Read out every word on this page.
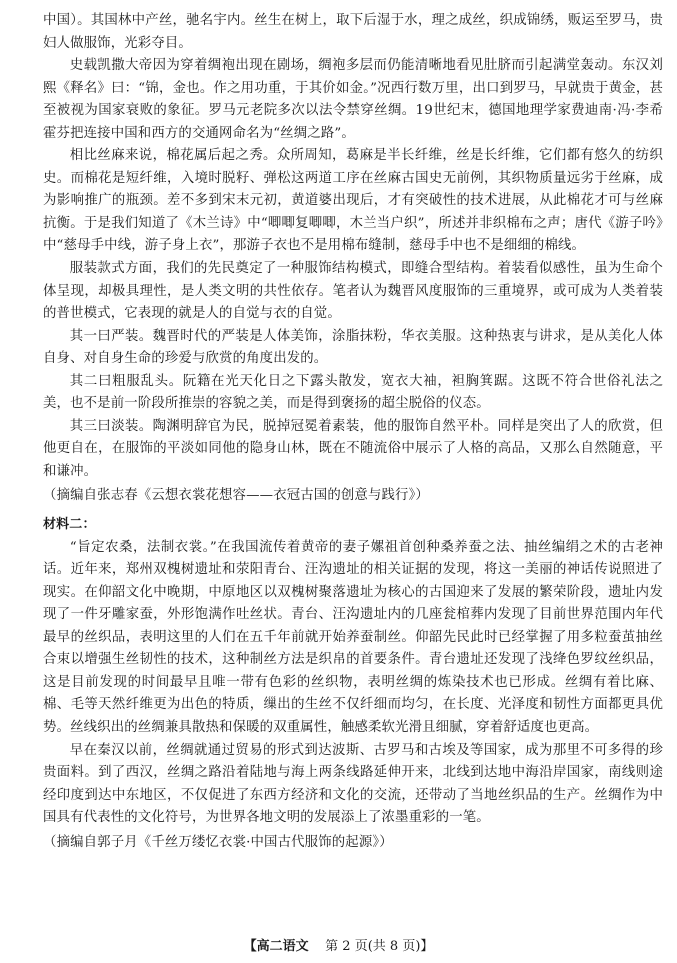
中国）。其国林中产丝，驰名宇内。丝生在树上，取下后湿于水，理之成丝，织成锦绣，贩运至罗马，贵妇人做服饰，光彩夺目。

史载凯撒大帝因为穿着绸袍出现在剧场，绸袍多层而仍能清晰地看见肚脐而引起满堂轰动。东汉刘熙《释名》曰：“锦，金也。作之用功重，于其价如金。”况西行数万里，出口到罗马，早就贵于黄金，甚至被视为国家衰败的象征。罗马元老院多次以法令禁穿丝绸。19世纪末，德国地理学家费迪南·冯·李希霍芬把连接中国和西方的交通网命名为“丝绸之路”。

相比丝麻来说，棉花属后起之秀。众所周知，葛麻是半长纤维，丝是长纤维，它们都有悠久的纺织史。而棉花是短纤维，入境时脱籽、弹松这两道工序在丝麻古国史无前例，其织物质量远劣于丝麻，成为影响推广的瓶颈。差不多到宋末元初，黄道婆出现后，才有突破性的技术进展，从此棉花才可与丝麻抗衡。于是我们知道了《木兰诗》中“唧唧复唧唧，木兰当户织”，所述并非织棉布之声；唐代《游子吟》中“慈母手中线，游子身上衣”，那游子衣也不是用棉布缝制，慈母手中也不是细细的棉线。

服装款式方面，我们的先民奠定了一种服饰结构模式，即缝合型结构。着装看似感性，虽为生命个体呈现，却极具理性，是人类文明的共性依存。笔者认为魏晋风度服饰的三重境界，或可成为人类着装的普世模式，它表现的就是人的自觉与衣的自觉。

其一曰严装。魏晋时代的严装是人体美饰，涂脂抹粉，华衣美服。这种热衷与讲求，是从美化人体自身、对自身生命的珍爱与欣赏的角度出发的。

其二曰粗服乱头。阮籍在光天化日之下露头散发，宽衣大袖，袒胸箕踞。这既不符合世俗礼法之美，也不是前一阶段所推崇的容貌之美，而是得到褒扬的超尘脱俗的仪态。

其三曰淡装。陶渊明辞官为民，脱掉冠冕着素装，他的服饰自然平朴。同样是突出了人的欣赏，但他更自在，在服饰的平淡如同他的隐身山林，既在不随流俗中展示了人格的高品，又那么自然随意，平和谦冲。

（摘编自张志春《云想衣裳花想容——衣冠古国的创意与践行》）

材料二：

“旨定农桑，法制衣裳。”在我国流传着黄帝的妻子嫘祖首创种桑养蚕之法、抽丝编绢之术的古老神话。近年来，郑州双槐树遗址和荥阳青台、汪沟遗址的相关证据的发现，将这一美丽的神话传说照进了现实。在仰韶文化中晚期，中原地区以双槐树聚落遗址为核心的古国迎来了发展的繁荣阶段，遗址内发现了一件牙雕家蚕，外形饱满作吐丝状。青台、汪沟遗址内的几座瓮棺葬内发现了目前世界范围内年代最早的丝织品，表明这里的人们在五千年前就开始养蚕制丝。仰韶先民此时已经掌握了用多粒蚕茧抽丝合束以增强生丝韧性的技术，这种制丝方法是织帛的首要条件。青台遗址还发现了浅绛色罗纹丝织品，这是目前发现的时间最早且唯一带有色彩的丝织物，表明丝绸的炼染技术也已形成。丝绸有着比麻、棉、毛等天然纤维更为出色的特质，缫出的生丝不仅纤细而均匀，在长度、光泽度和韧性方面都更具优势。丝线织出的丝绸兼具散热和保暖的双重属性，触感柔软光滑且细腻，穿着舒适度也更高。

早在秦汉以前，丝绸就通过贸易的形式到达波斯、古罗马和古埃及等国家，成为那里不可多得的珍贵面料。到了西汉，丝绸之路沿着陆地与海上两条线路延伸开来，北线到达地中海沿岸国家，南线则途经印度到达中东地区，不仅促进了东西方经济和文化的交流，还带动了当地丝织品的生产。丝绸作为中国具有代表性的文化符号，为世界各地文明的发展添上了浓墨重彩的一笔。

（摘编自郭子月《千丝万缕忆衣裳·中国古代服饰的起源》）

【高二语文 第 2 页(共 8 页)】
